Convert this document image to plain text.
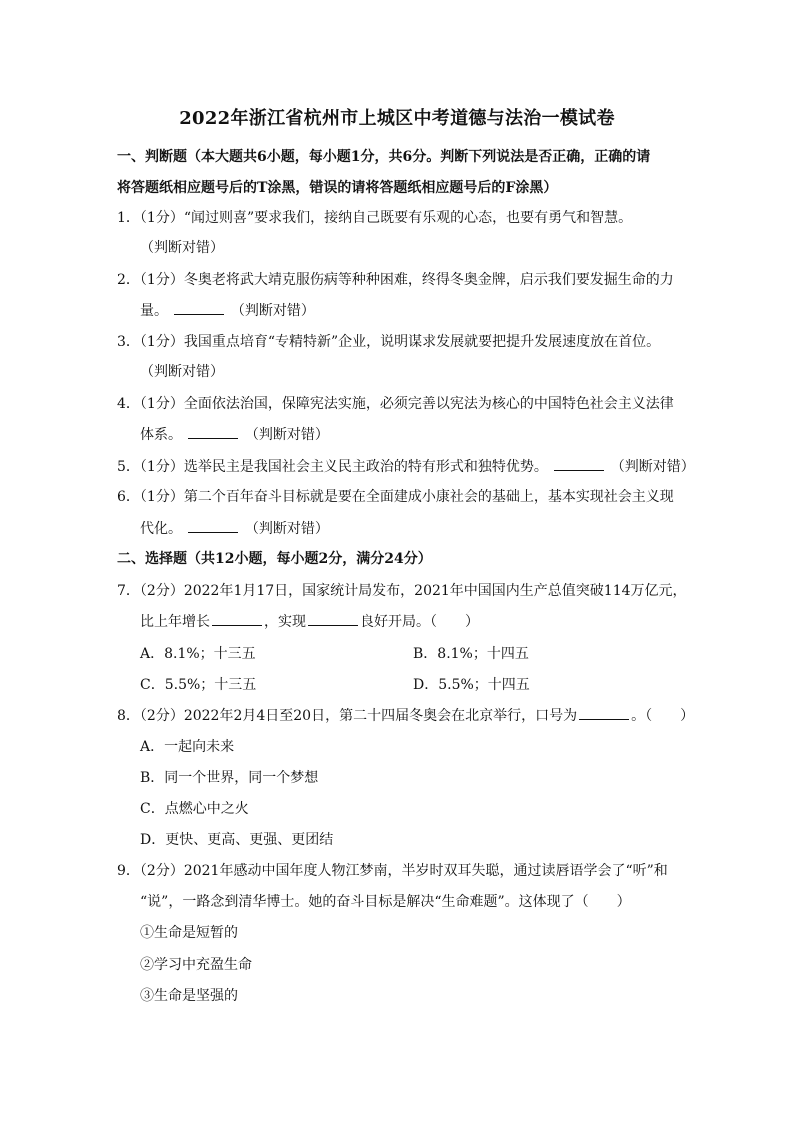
2022年浙江省杭州市上城区中考道德与法治一模试卷
一、判断题（本大题共6小题，每小题1分，共6分。判断下列说法是否正确，正确的请
将答题纸相应题号后的T涂黑，错误的请将答题纸相应题号后的F涂黑）
1．（1分）“闻过则喜”要求我们，接纳自己既要有乐观的心态，也要有勇气和智慧。
（判断对错）
2．（1分）冬奥老将武大靖克服伤病等种种困难，终得冬奥金牌，启示我们要发掘生命的力
量。	（判断对错）
3．（1分）我国重点培育“专精特新”企业，说明谋求发展就要把提升发展速度放在首位。
（判断对错）
4．（1分）全面依法治国，保障宪法实施，必须完善以宪法为核心的中国特色社会主义法律
体系。	（判断对错）
5．（1分）选举民主是我国社会主义民主政治的特有形式和独特优势。	（判断对错）
6．（1分）第二个百年奋斗目标就是要在全面建成小康社会的基础上，基本实现社会主义现
代化。	（判断对错）
二、选择题（共12小题，每小题2分，满分24分）
7．（2分）2022年1月17日，国家统计局发布，2021年中国国内生产总值突破114万亿元，
比上年增长	，实现	良好开局。（　　）
A．8.1%；十三五	B．8.1%；十四五
C．5.5%；十三五	D．5.5%；十四五
8．（2分）2022年2月4日至20日，第二十四届冬奥会在北京举行，口号为	。（　　）
A．一起向未来
B．同一个世界，同一个梦想
C．点燃心中之火
D．更快、更高、更强、更团结
9．（2分）2021年感动中国年度人物江梦南，半岁时双耳失聪，通过读唇语学会了“听”和
“说”，一路念到清华博士。她的奋斗目标是解决“生命难题”。这体现了（　　）
①生命是短暂的
②学习中充盈生命
③生命是坚强的
